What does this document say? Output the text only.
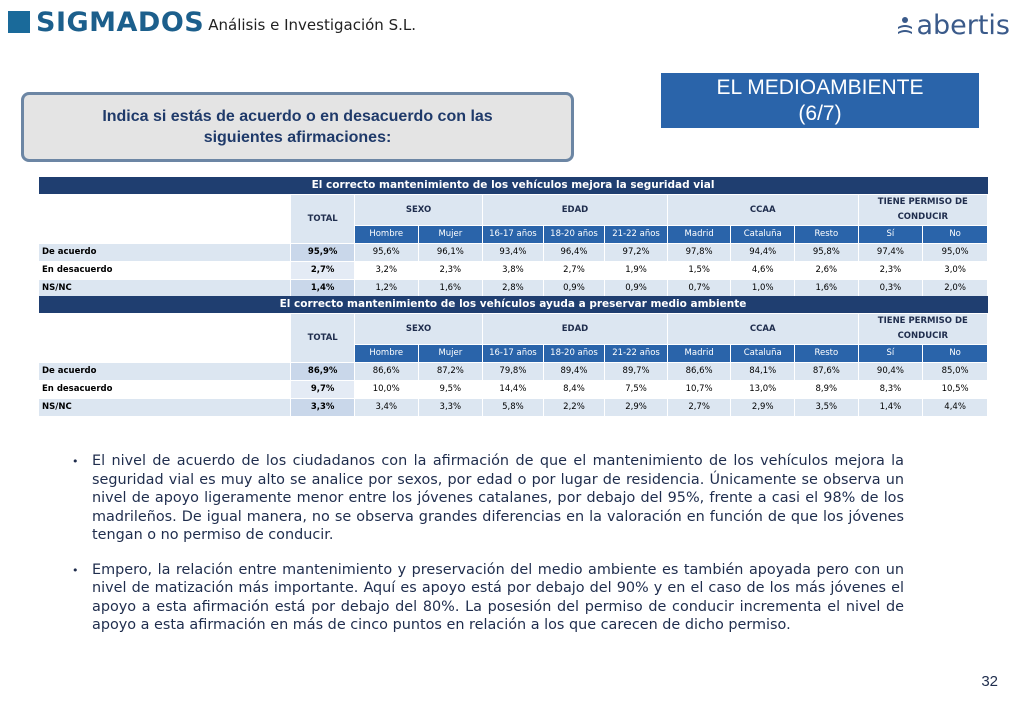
SIGMADOS Análisis e Investigación S.L.	abertis
EL MEDIOAMBIENTE
(6/7)
Indica si estás de acuerdo o en desacuerdo con las
siguientes afirmaciones:
El correcto mantenimiento de los vehículos mejora la seguridad vial											
	TOTAL	SEXO		EDAD			CCAA			TIENE PERMISO DE CONDUCIR	
		Hombre	Mujer	16-17 años	18-20 años	21-22 años	Madrid	Cataluña	Resto	Sí	No
De acuerdo	95,9%	95,6%	96,1%	93,4%	96,4%	97,2%	97,8%	94,4%	95,8%	97,4%	95,0%
En desacuerdo	2,7%	3,2%	2,3%	3,8%	2,7%	1,9%	1,5%	4,6%	2,6%	2,3%	3,0%
NS/NC	1,4%	1,2%	1,6%	2,8%	0,9%	0,9%	0,7%	1,0%	1,6%	0,3%	2,0%
El correcto mantenimiento de los vehículos ayuda a preservar medio ambiente											
	TOTAL	SEXO		EDAD			CCAA			TIENE PERMISO DE CONDUCIR	
		Hombre	Mujer	16-17 años	18-20 años	21-22 años	Madrid	Cataluña	Resto	Sí	No
De acuerdo	86,9%	86,6%	87,2%	79,8%	89,4%	89,7%	86,6%	84,1%	87,6%	90,4%	85,0%
En desacuerdo	9,7%	10,0%	9,5%	14,4%	8,4%	7,5%	10,7%	13,0%	8,9%	8,3%	10,5%
NS/NC	3,3%	3,4%	3,3%	5,8%	2,2%	2,9%	2,7%	2,9%	3,5%	1,4%	4,4%
• El nivel de acuerdo de los ciudadanos con la afirmación de que el mantenimiento de los vehículos mejora la seguridad vial es muy alto se analice por sexos, por edad o por lugar de residencia. Únicamente se observa un nivel de apoyo ligeramente menor entre los jóvenes catalanes, por debajo del 95%, frente a casi el 98% de los madrileños. De igual manera, no se observa grandes diferencias en la valoración en función de que los jóvenes tengan o no permiso de conducir.
• Empero, la relación entre mantenimiento y preservación del medio ambiente es también apoyada pero con un nivel de matización más importante. Aquí es apoyo está por debajo del 90% y en el caso de los más jóvenes el apoyo a esta afirmación está por debajo del 80%. La posesión del permiso de conducir incrementa el nivel de apoyo a esta afirmación en más de cinco puntos en relación a los que carecen de dicho permiso.
32
